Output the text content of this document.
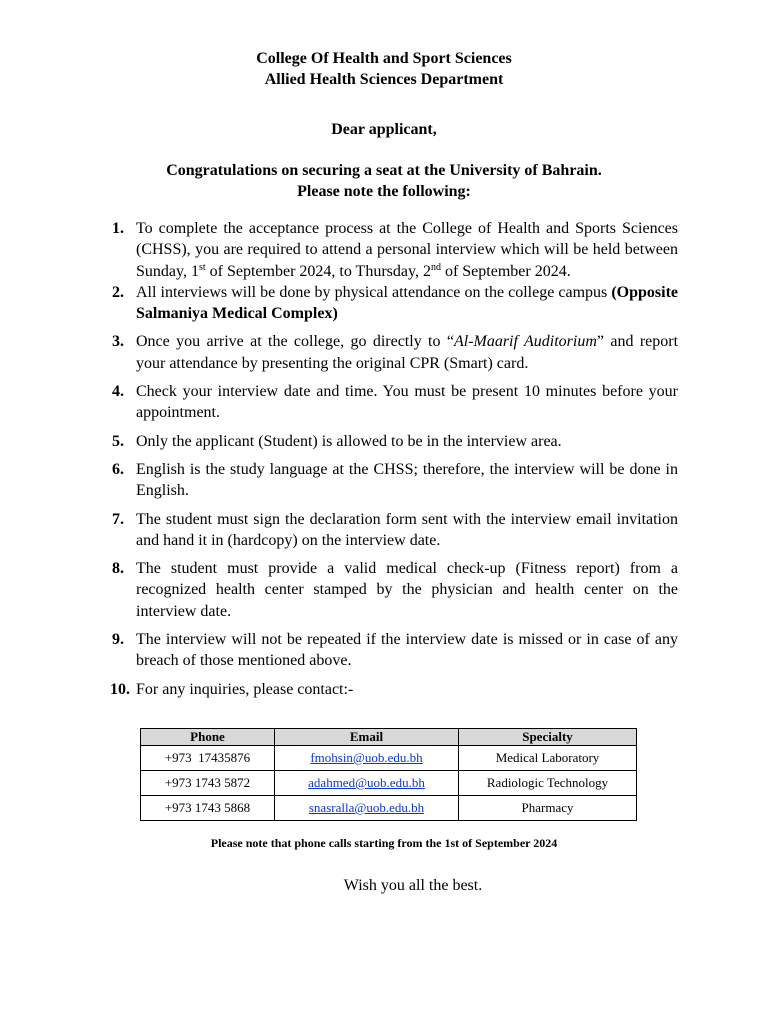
College Of Health and Sport Sciences
Allied Health Sciences Department
Dear applicant,
Congratulations on securing a seat at the University of Bahrain.
Please note the following:
1. To complete the acceptance process at the College of Health and Sports Sciences (CHSS), you are required to attend a personal interview which will be held between Sunday, 1st of September 2024, to Thursday, 2nd of September 2024.
2. All interviews will be done by physical attendance on the college campus (Opposite Salmaniya Medical Complex)
3. Once you arrive at the college, go directly to “Al-Maarif Auditorium” and report your attendance by presenting the original CPR (Smart) card.
4. Check your interview date and time. You must be present 10 minutes before your appointment.
5. Only the applicant (Student) is allowed to be in the interview area.
6. English is the study language at the CHSS; therefore, the interview will be done in English.
7. The student must sign the declaration form sent with the interview email invitation and hand it in (hardcopy) on the interview date.
8. The student must provide a valid medical check-up (Fitness report) from a recognized health center stamped by the physician and health center on the interview date.
9. The interview will not be repeated if the interview date is missed or in case of any breach of those mentioned above.
10. For any inquiries, please contact:-
Phone	Email	Specialty
+973  17435876	fmohsin@uob.edu.bh	Medical Laboratory
+973 1743 5872	adahmed@uob.edu.bh	Radiologic Technology
+973 1743 5868	snasralla@uob.edu.bh	Pharmacy
Please note that phone calls starting from the 1st of September 2024
Wish you all the best.
